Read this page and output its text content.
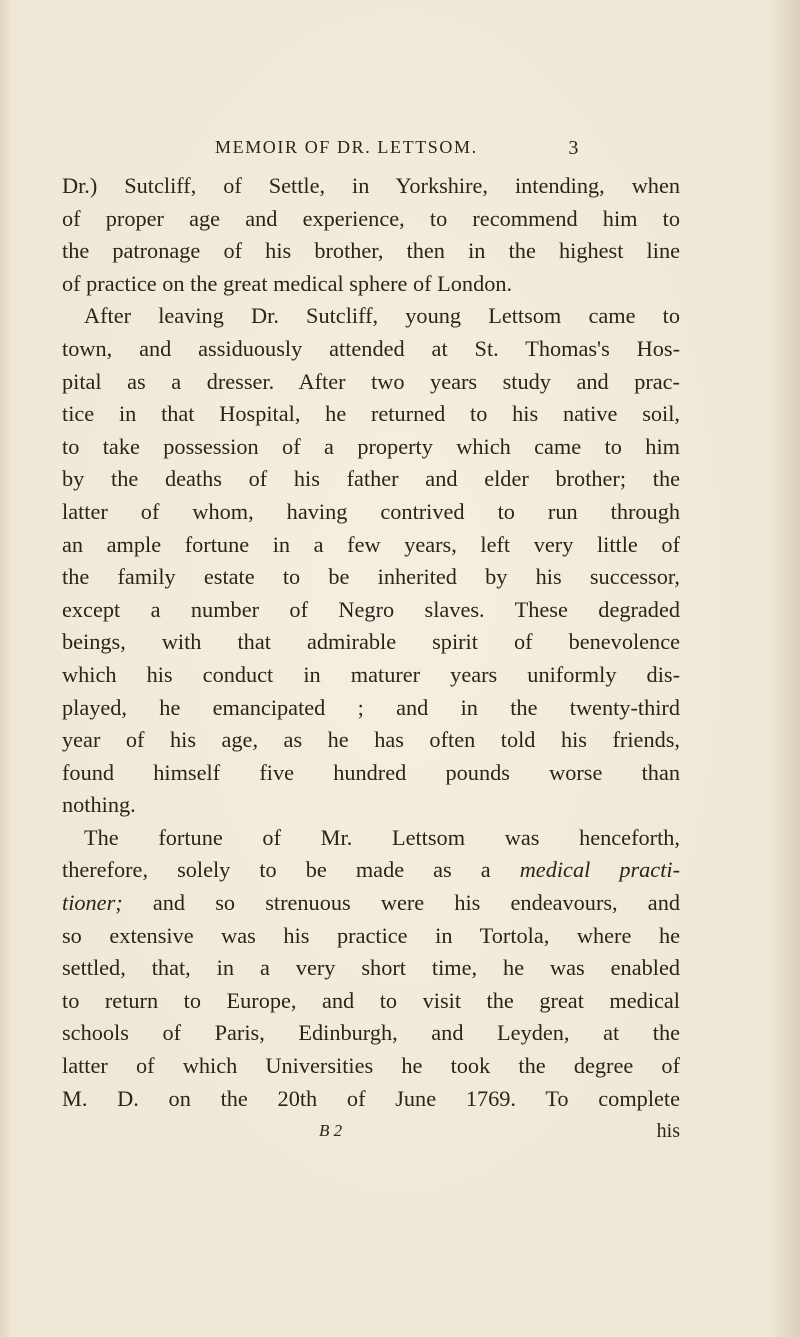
MEMOIR OF DR. LETTSOM.	3
Dr.) Sutcliff, of Settle, in Yorkshire, intending, when
of proper age and experience, to recommend him to
the patronage of his brother, then in the highest line
of practice on the great medical sphere of London.
After leaving Dr. Sutcliff, young Lettsom came to
town, and assiduously attended at St. Thomas's Hos-
pital as a dresser. After two years study and prac-
tice in that Hospital, he returned to his native soil,
to take possession of a property which came to him
by the deaths of his father and elder brother; the
latter of whom, having contrived to run through
an ample fortune in a few years, left very little of
the family estate to be inherited by his successor,
except a number of Negro slaves. These degraded
beings, with that admirable spirit of benevolence
which his conduct in maturer years uniformly dis-
played, he emancipated ; and in the twenty-third
year of his age, as he has often told his friends,
found himself five hundred pounds worse than
nothing.
The fortune of Mr. Lettsom was henceforth,
therefore, solely to be made as a medical practi-
tioner; and so strenuous were his endeavours, and
so extensive was his practice in Tortola, where he
settled, that, in a very short time, he was enabled
to return to Europe, and to visit the great medical
schools of Paris, Edinburgh, and Leyden, at the
latter of which Universities he took the degree of
M. D. on the 20th of June 1769. To complete
B 2	his
